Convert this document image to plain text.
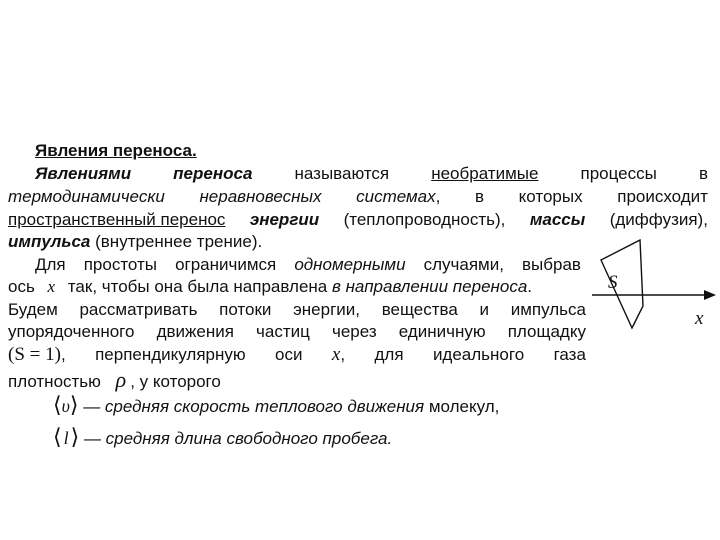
Явления переноса.
Явлениями переноса называются необратимые процессы в
термодинамически неравновесных системах, в которых происходит
пространственный перенос энергии (теплопроводность), массы (диффузия),
импульса (внутреннее трение).
Для простоты ограничимся одномерными случаями, выбрав
ось x так, чтобы она была направлена в направлении переноса.
Будем рассматривать потоки энергии, вещества и импульса
упорядоченного движения частиц через единичную площадку
(S = 1), перпендикулярную оси x, для идеального газа
плотностью ρ , у которого
⟨υ⟩ — средняя скорость теплового движения молекул,
⟨ l⟩ — средняя длина свободного пробега.
S
x
